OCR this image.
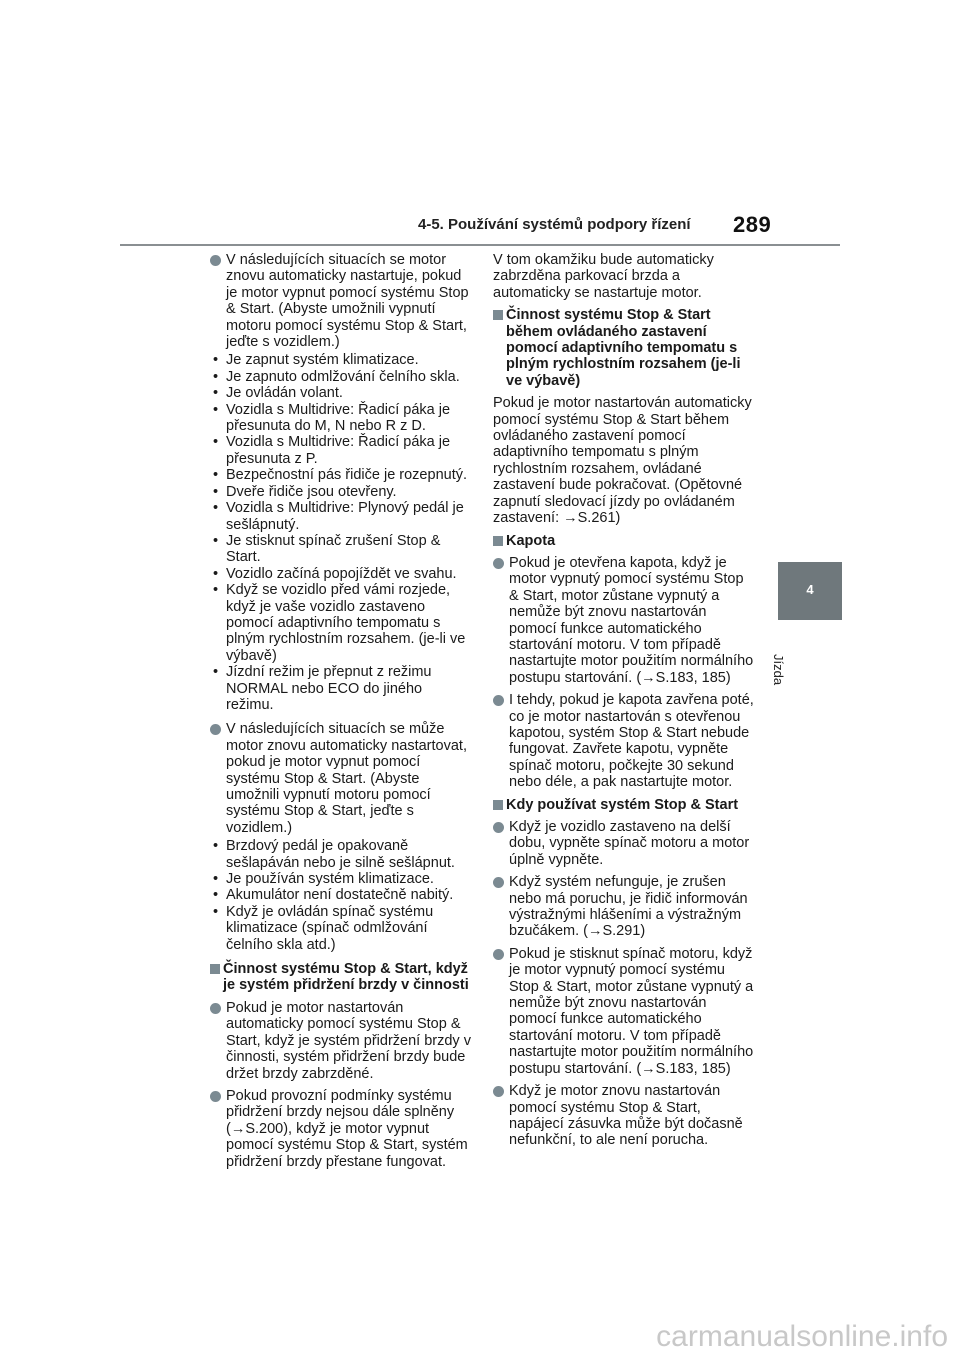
4-5. Používání systémů podpory řízení 289
4
Jízda
V následujících situacích se motor znovu automaticky nastartuje, pokud je motor vypnut pomocí systému Stop & Start. (Abyste umožnili vypnutí motoru pomocí systému Stop & Start, jeďte s vozidlem.)
• Je zapnut systém klimatizace.
• Je zapnuto odmlžování čelního skla.
• Je ovládán volant.
• Vozidla s Multidrive: Řadicí páka je přesunuta do M, N nebo R z D.
• Vozidla s Multidrive: Řadicí páka je přesunuta z P.
• Bezpečnostní pás řidiče je rozepnutý.
• Dveře řidiče jsou otevřeny.
• Vozidla s Multidrive: Plynový pedál je sešlápnutý.
• Je stisknut spínač zrušení Stop & Start.
• Vozidlo začíná popojíždět ve svahu.
• Když se vozidlo před vámi rozjede, když je vaše vozidlo zastaveno pomocí adaptivního tempomatu s plným rychlostním rozsahem. (je-li ve výbavě)
• Jízdní režim je přepnut z režimu NORMAL nebo ECO do jiného režimu.
V následujících situacích se může motor znovu automaticky nastartovat, pokud je motor vypnut pomocí systému Stop & Start. (Abyste umožnili vypnutí motoru pomocí systému Stop & Start, jeďte s vozidlem.)
• Brzdový pedál je opakovaně sešlapáván nebo je silně sešlápnut.
• Je používán systém klimatizace.
• Akumulátor není dostatečně nabitý.
• Když je ovládán spínač systému klimatizace (spínač odmlžování čelního skla atd.)
Činnost systému Stop & Start, když je systém přidržení brzdy v činnosti
Pokud je motor nastartován automaticky pomocí systému Stop & Start, když je systém přidržení brzdy v činnosti, systém přidržení brzdy bude držet brzdy zabrzděné.
Pokud provozní podmínky systému přidržení brzdy nejsou dále splněny (→S.200), když je motor vypnut pomocí systému Stop & Start, systém přidržení brzdy přestane fungovat.
V tom okamžiku bude automaticky zabrzděna parkovací brzda a automaticky se nastartuje motor.
Činnost systému Stop & Start během ovládaného zastavení pomocí adaptivního tempomatu s plným rychlostním rozsahem (je-li ve výbavě)
Pokud je motor nastartován automaticky pomocí systému Stop & Start během ovládaného zastavení pomocí adaptivního tempomatu s plným rychlostním rozsahem, ovládané zastavení bude pokračovat. (Opětovné zapnutí sledovací jízdy po ovládaném zastavení: →S.261)
Kapota
Pokud je otevřena kapota, když je motor vypnutý pomocí systému Stop & Start, motor zůstane vypnutý a nemůže být znovu nastartován pomocí funkce automatického startování motoru. V tom případě nastartujte motor použitím normálního postupu startování. (→S.183, 185)
I tehdy, pokud je kapota zavřena poté, co je motor nastartován s otevřenou kapotou, systém Stop & Start nebude fungovat. Zavřete kapotu, vypněte spínač motoru, počkejte 30 sekund nebo déle, a pak nastartujte motor.
Kdy používat systém Stop & Start
Když je vozidlo zastaveno na delší dobu, vypněte spínač motoru a motor úplně vypněte.
Když systém nefunguje, je zrušen nebo má poruchu, je řidič informován výstražnými hlášeními a výstražným bzučákem. (→S.291)
Pokud je stisknut spínač motoru, když je motor vypnutý pomocí systému Stop & Start, motor zůstane vypnutý a nemůže být znovu nastartován pomocí funkce automatického startování motoru. V tom případě nastartujte motor použitím normálního postupu startování. (→S.183, 185)
Když je motor znovu nastartován pomocí systému Stop & Start, napájecí zásuvka může být dočasně nefunkční, to ale není porucha.
carmanualsonline.info
